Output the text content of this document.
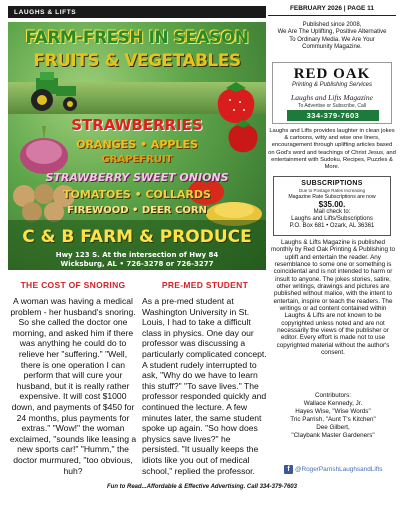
LAUGHS & LIFTS	FEBRUARY 2026 | PAGE 11
FARM-FRESH IN SEASON
FRUITS & VEGETABLES
STRAWBERRIES
ORANGES • APPLES
GRAPEFRUIT
STRAWBERRY SWEET ONIONS
TOMATOES • COLLARDS
FIREWOOD • DEER CORN
C & B FARM & PRODUCE
Hwy 123 S. At the intersection of Hwy 84
Wicksburg, AL • 726-3278 or 726-3277
Published since 2008,
We Are The Uplifting, Positive Alternative
To Ordinary Media. We Are Your
Community Magazine.
RED OAK
Printing & Publishing Services
Laughs and Lifts Magazine
To Advertise or Subscribe, Call
334-379-7603
Laughs and Lifts provides laughter in clean jokes & cartoons, witty and wise one liners, encouragement through uplifting articles based on God's word and teachings of Christ Jesus, and entertainment with Sudoku, Recipes, Puzzles & More.
SUBSCRIPTIONS
Due to Postage Rates Increasing
Magazine Rate Subscriptions are now
$35.00.
Mail check to:
Laughs and Lifts/Subscriptions
P.O. Box 681 • Ozark, AL 36361
THE COST OF SNORING
A woman was having a medical problem - her husband's snoring. So she called the doctor one morning, and asked him if there was anything he could do to relieve her "suffering." "Well, there is one operation I can perform that will cure your husband, but it is really rather expensive. It will cost $1000 down, and payments of $450 for 24 months, plus payments for extras." "Wow!" the woman exclaimed, "sounds like leasing a new sports car!" "Humm," the doctor murmured, "too obvious, huh?
PRE-MED STUDENT
As a pre-med student at Washington University in St. Louis, I had to take a difficult class in physics. One day our professor was discussing a particularly complicated concept. A student rudely interrupted to ask, "Why do we have to learn this stuff?" "To save lives." The professor responded quickly and continued the lecture. A few minutes later, the same student spoke up again. "So how does physics save lives?" he persisted. "It usually keeps the idiots like you out of medical school," replied the professor.
Laughs & Lifts Magazine is published monthly by Red Oak Printing & Publishing to uplift and entertain the reader. Any resemblance to some one or something is coincidental and is not intended to harm or insult to anyone. The jokes stories, satire, other writings, drawings and pictures are published without malice, with the intent to entertain, inspire or teach the readers. The writings or ad content contained within Laughs & Lifts are not known to be copyrighted unless noted and are not necessarily the views of the publisher or editor. Every effort is made not to use copyrighted material without the author's consent.
Contributors:
Wallace Kennedy, Jr.
Hayes Wise, "Wise Words"
Tric Parrish, "Aunt T's Kitchen"
Dee Gilbert,
"Claybank Master Gardeners"
f @RogerParrishLaughsandLifts
Fun to Read...Affordable & Effective Advertising. Call 334-379-7603
